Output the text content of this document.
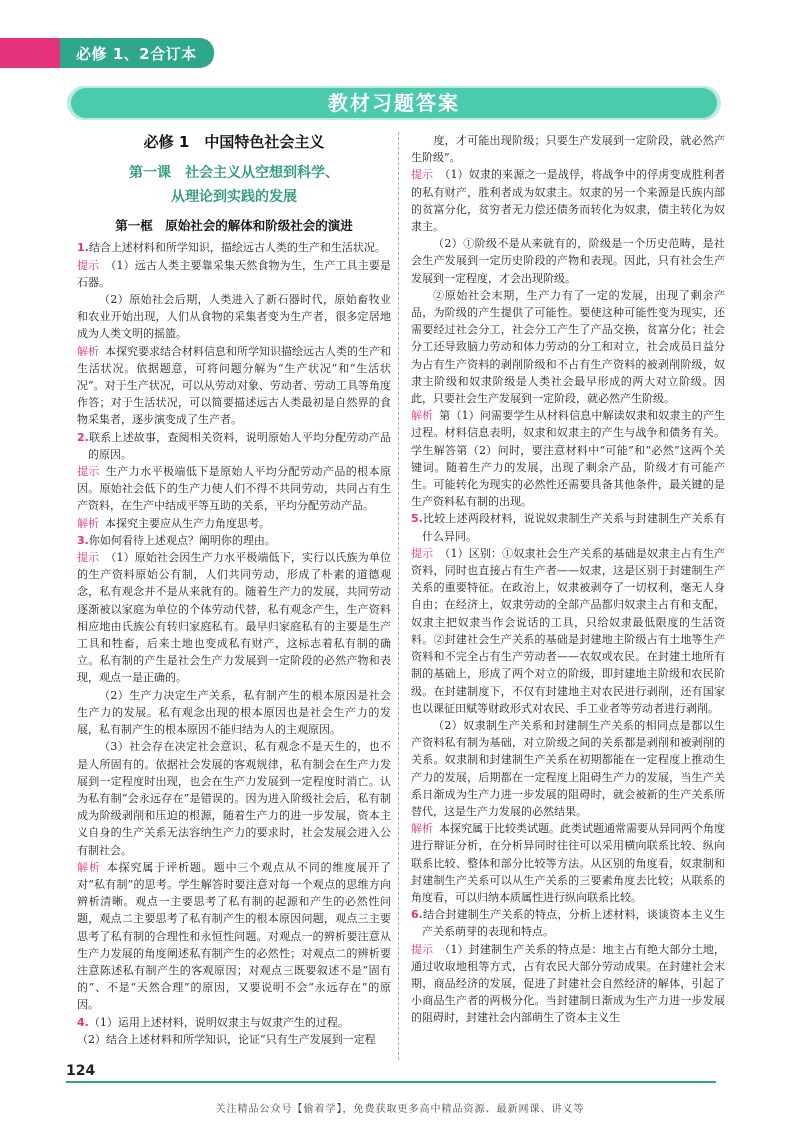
必修 1、2合订本
教材习题答案
必修 1　中国特色社会主义
第一课　社会主义从空想到科学、
从理论到实践的发展
第一框　原始社会的解体和阶级社会的演进

1.结合上述材料和所学知识，描绘远古人类的生产和生活状况。

提示 （1）远古人类主要靠采集天然食物为生，生产工具主要是石器。

（2）原始社会后期，人类进入了新石器时代，原始畜牧业和农业开始出现，人们从食物的采集者变为生产者，很多定居地成为人类文明的摇篮。

解析 本探究要求结合材料信息和所学知识描绘远古人类的生产和生活状况。依据题意，可将问题分解为“生产状况”和“生活状况”。对于生产状况，可以从劳动对象、劳动者、劳动工具等角度作答；对于生活状况，可以简要描述远古人类最初是自然界的食物采集者，逐步演变成了生产者。

2.联系上述故事，查阅相关资料，说明原始人平均分配劳动产品的原因。

提示 生产力水平极端低下是原始人平均分配劳动产品的根本原因。原始社会低下的生产力使人们不得不共同劳动，共同占有生产资料，在生产中结成平等互助的关系，平均分配劳动产品。

解析 本探究主要应从生产力角度思考。

3.你如何看待上述观点？阐明你的理由。

提示 （1）原始社会因生产力水平极端低下，实行以氏族为单位的生产资料原始公有制，人们共同劳动，形成了朴素的道德观念，私有观念并不是从来就有的。随着生产力的发展，共同劳动逐渐被以家庭为单位的个体劳动代替，私有观念产生，生产资料相应地由氏族公有转归家庭私有。最早归家庭私有的主要是生产工具和牲畜，后来土地也变成私有财产，这标志着私有制的确立。私有制的产生是社会生产力发展到一定阶段的必然产物和表现，观点一是正确的。

（2）生产力决定生产关系，私有制产生的根本原因是社会生产力的发展。私有观念出现的根本原因也是社会生产力的发展，私有制产生的根本原因不能归结为人的主观原因。

（3）社会存在决定社会意识，私有观念不是天生的，也不是人所固有的。依据社会发展的客观规律，私有制会在生产力发展到一定程度时出现，也会在生产力发展到一定程度时消亡。认为私有制“会永远存在”是错误的。因为进入阶级社会后，私有制成为阶级剥削和压迫的根源，随着生产力的进一步发展，资本主义自身的生产关系无法容纳生产力的要求时，社会发展会进入公有制社会。

解析 本探究属于评析题。题中三个观点从不同的维度展开了对“私有制”的思考。学生解答时要注意对每一个观点的思维方向辨析清晰。观点一主要思考了私有制的起源和产生的必然性问题，观点二主要思考了私有制产生的根本原因问题，观点三主要思考了私有制的合理性和永恒性问题。对观点一的辨析要注意从生产力发展的角度阐述私有制产生的必然性；对观点二的辨析要注意陈述私有制产生的客观原因；对观点三既要叙述不是“固有的”、不是“天然合理”的原因，又要说明不会“永远存在”的原因。

4.（1）运用上述材料，说明奴隶主与奴隶产生的过程。

（2）结合上述材料和所学知识，论证“只有生产发展到一定程

　　度，才可能出现阶级；只要生产发展到一定阶段，就必然产生阶级”。

提示 （1）奴隶的来源之一是战俘，将战争中的俘虏变成胜利者的私有财产，胜利者成为奴隶主。奴隶的另一个来源是氏族内部的贫富分化，贫穷者无力偿还债务而转化为奴隶，债主转化为奴隶主。

（2）①阶级不是从来就有的，阶级是一个历史范畴，是社会生产发展到一定历史阶段的产物和表现。因此，只有社会生产发展到一定程度，才会出现阶级。

②原始社会末期，生产力有了一定的发展，出现了剩余产品，为阶级的产生提供了可能性。要使这种可能性变为现实，还需要经过社会分工，社会分工产生了产品交换，贫富分化；社会分工还导致脑力劳动和体力劳动的分工和对立，社会成员日益分为占有生产资料的剥削阶级和不占有生产资料的被剥削阶级，奴隶主阶级和奴隶阶级是人类社会最早形成的两大对立阶级。因此，只要社会生产发展到一定阶段，就必然产生阶级。

解析 第（1）问需要学生从材料信息中解读奴隶和奴隶主的产生过程。材料信息表明，奴隶和奴隶主的产生与战争和债务有关。学生解答第（2）问时，要注意材料中“可能”和“必然”这两个关键词。随着生产力的发展，出现了剩余产品，阶级才有可能产生。可能转化为现实的必然性还需要具备其他条件，最关键的是生产资料私有制的出现。

5.比较上述两段材料，说说奴隶制生产关系与封建制生产关系有什么异同。

提示 （1）区别：①奴隶社会生产关系的基础是奴隶主占有生产资料，同时也直接占有生产者——奴隶，这是区别于封建制生产关系的重要特征。在政治上，奴隶被剥夺了一切权利，毫无人身自由；在经济上，奴隶劳动的全部产品都归奴隶主占有和支配，奴隶主把奴隶当作会说话的工具，只给奴隶最低限度的生活资料。②封建社会生产关系的基础是封建地主阶级占有土地等生产资料和不完全占有生产劳动者——农奴或农民。在封建土地所有制的基础上，形成了两个对立的阶级，即封建地主阶级和农民阶级。在封建制度下，不仅有封建地主对农民进行剥削，还有国家也以课征田赋等财政形式对农民、手工业者等劳动者进行剥削。

（2）奴隶制生产关系和封建制生产关系的相同点是都以生产资料私有制为基础，对立阶级之间的关系都是剥削和被剥削的关系。奴隶制和封建制生产关系在初期都能在一定程度上推动生产力的发展，后期都在一定程度上阻碍生产力的发展，当生产关系日渐成为生产力进一步发展的阻碍时，就会被新的生产关系所替代，这是生产力发展的必然结果。

解析 本探究属于比较类试题。此类试题通常需要从异同两个角度进行辩证分析，在分析异同时往往可以采用横向联系比较、纵向联系比较、整体和部分比较等方法。从区别的角度看，奴隶制和封建制生产关系可以从生产关系的三要素角度去比较；从联系的角度看，可以归纳本质属性进行纵向联系比较。

6.结合封建制生产关系的特点，分析上述材料，谈谈资本主义生产关系萌芽的表现和特点。

提示 （1）封建制生产关系的特点是：地主占有绝大部分土地，通过收取地租等方式，占有农民大部分劳动成果。在封建社会末期，商品经济的发展，促进了封建社会自然经济的解体，引起了小商品生产者的两极分化。当封建制日渐成为生产力进一步发展的阻碍时，封建社会内部萌生了资本主义生

124
关注精品公众号【偷着学】，免费获取更多高中精品资源、最新网课、讲义等
